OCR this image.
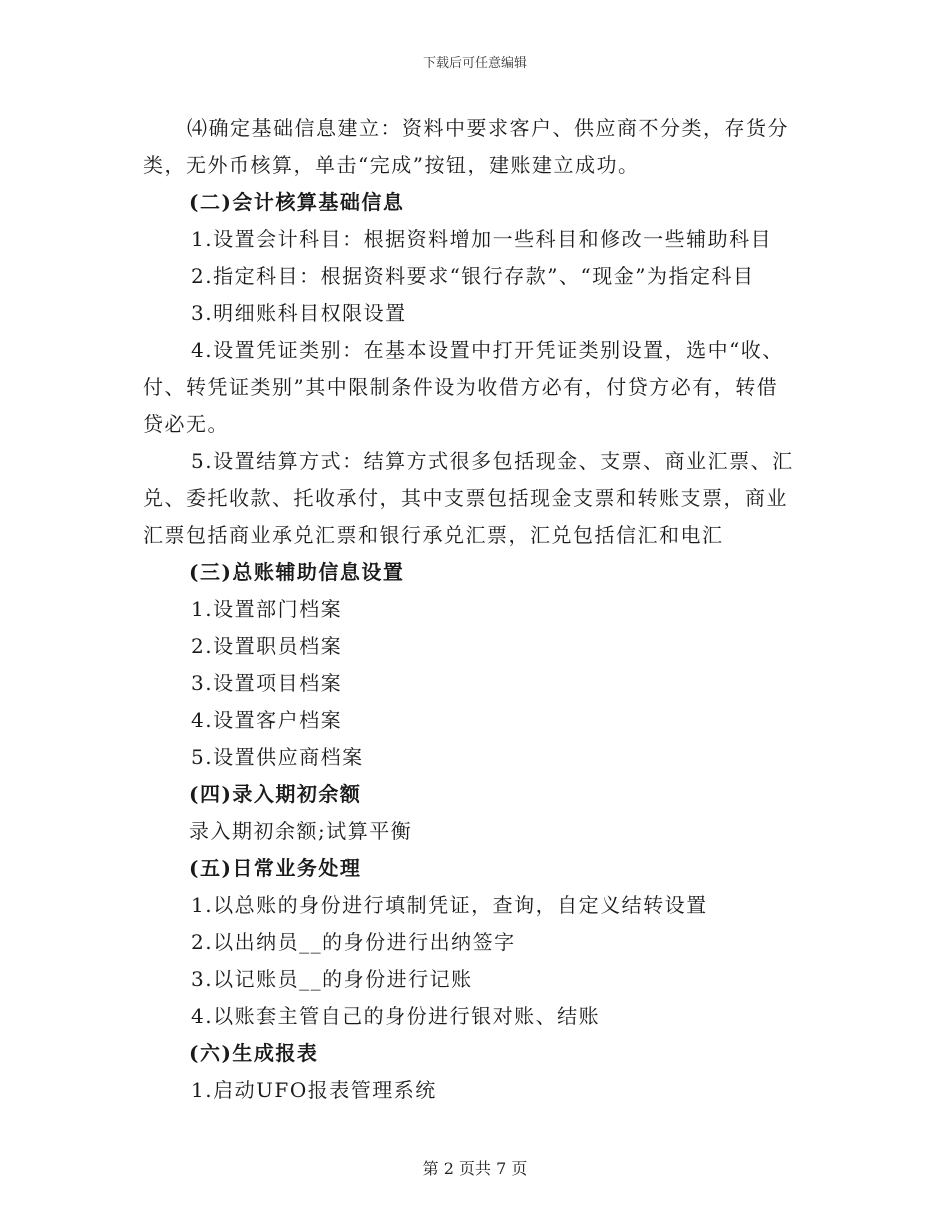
下载后可任意编辑
⑷确定基础信息建立：资料中要求客户、供应商不分类，存货分
类，无外币核算，单击“完成”按钮，建账建立成功。
(二)会计核算基础信息
1.设置会计科目：根据资料增加一些科目和修改一些辅助科目
2.指定科目：根据资料要求“银行存款”、“现金”为指定科目
3.明细账科目权限设置
4.设置凭证类别：在基本设置中打开凭证类别设置，选中“收、
付、转凭证类别”其中限制条件设为收借方必有，付贷方必有，转借
贷必无。
5.设置结算方式：结算方式很多包括现金、支票、商业汇票、汇
兑、委托收款、托收承付，其中支票包括现金支票和转账支票，商业
汇票包括商业承兑汇票和银行承兑汇票，汇兑包括信汇和电汇
(三)总账辅助信息设置
1.设置部门档案
2.设置职员档案
3.设置项目档案
4.设置客户档案
5.设置供应商档案
(四)录入期初余额
录入期初余额;试算平衡
(五)日常业务处理
1.以总账的身份进行填制凭证，查询，自定义结转设置
2.以出纳员__的身份进行出纳签字
3.以记账员__的身份进行记账
4.以账套主管自己的身份进行银对账、结账
(六)生成报表
1.启动UFO报表管理系统
第 2 页共 7 页
